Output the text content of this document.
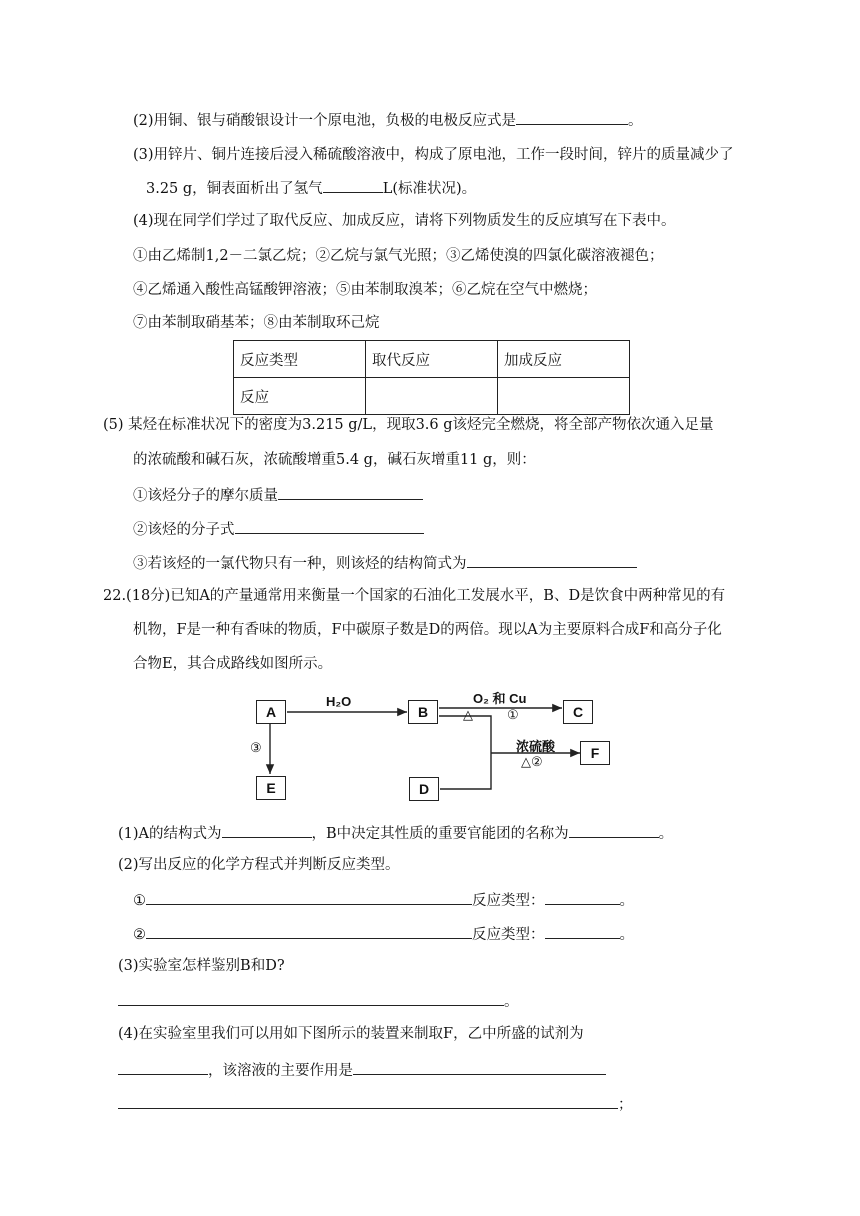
(2)用铜、银与硝酸银设计一个原电池，负极的电极反应式是	。
(3)用锌片、铜片连接后浸入稀硫酸溶液中，构成了原电池，工作一段时间，锌片的质量减少了
3.25 g，铜表面析出了氢气	L(标准状况)。
(4)现在同学们学过了取代反应、加成反应，请将下列物质发生的反应填写在下表中。
①由乙烯制1,2－二氯乙烷；②乙烷与氯气光照；③乙烯使溴的四氯化碳溶液褪色；
④乙烯通入酸性高锰酸钾溶液；⑤由苯制取溴苯；⑥乙烷在空气中燃烧；
⑦由苯制取硝基苯；⑧由苯制取环己烷
反应类型	取代反应	加成反应
反应		
(5) 某烃在标准状况下的密度为3.215 g/L，现取3.6 g该烃完全燃烧，将全部产物依次通入足量
的浓硫酸和碱石灰，浓硫酸增重5.4 g，碱石灰增重11 g，则：
①该烃分子的摩尔质量
②该烃的分子式
③若该烃的一氯代物只有一种，则该烃的结构简式为
22.(18分)已知A的产量通常用来衡量一个国家的石油化工发展水平，B、D是饮食中两种常见的有
机物，F是一种有香味的物质，F中碳原子数是D的两倍。现以A为主要原料合成F和高分子化
合物E，其合成路线如图所示。
A	B	C
D
E
F
H₂O	O₂ 和 Cu
△	①
浓硫酸
△②
③
(1)A的结构式为	，B中决定其性质的重要官能团的名称为	。
(2)写出反应的化学方程式并判断反应类型。
①	反应类型：	。
②	反应类型：	。
(3)实验室怎样鉴别B和D?
。
(4)在实验室里我们可以用如下图所示的装置来制取F，乙中所盛的试剂为
，该溶液的主要作用是
；
